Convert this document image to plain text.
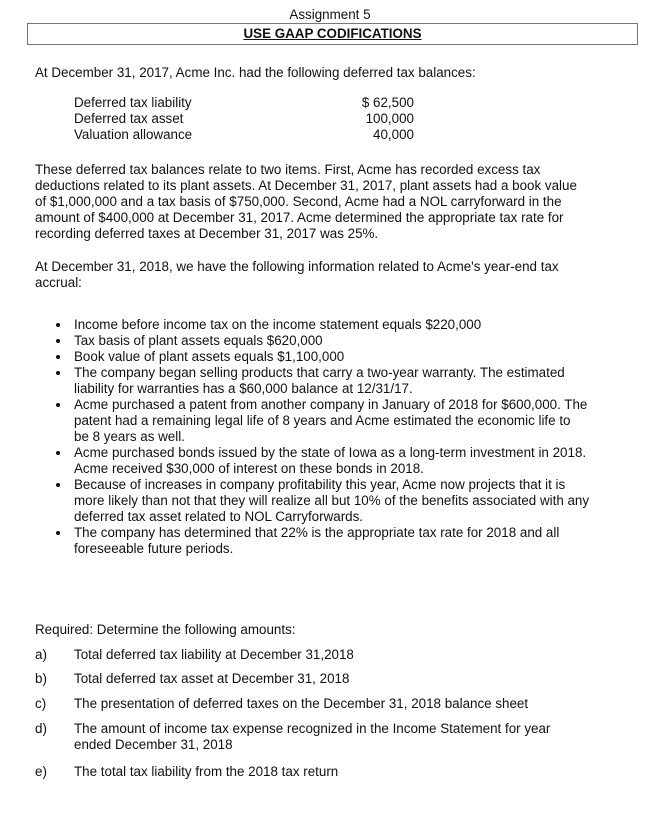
Assignment 5
USE GAAP CODIFICATIONS
At December 31, 2017, Acme Inc. had the following deferred tax balances:
Deferred tax liability	$ 62,500
Deferred tax asset	100,000
Valuation allowance	40,000
These deferred tax balances relate to two items. First, Acme has recorded excess tax
deductions related to its plant assets. At December 31, 2017, plant assets had a book value
of $1,000,000 and a tax basis of $750,000. Second, Acme had a NOL carryforward in the
amount of $400,000 at December 31, 2017. Acme determined the appropriate tax rate for
recording deferred taxes at December 31, 2017 was 25%.
At December 31, 2018, we have the following information related to Acme's year-end tax
accrual:
Income before income tax on the income statement equals $220,000
Tax basis of plant assets equals $620,000
Book value of plant assets equals $1,100,000
The company began selling products that carry a two-year warranty. The estimated
liability for warranties has a $60,000 balance at 12/31/17.
Acme purchased a patent from another company in January of 2018 for $600,000. The
patent had a remaining legal life of 8 years and Acme estimated the economic life to
be 8 years as well.
Acme purchased bonds issued by the state of Iowa as a long-term investment in 2018.
Acme received $30,000 of interest on these bonds in 2018.
Because of increases in company profitability this year, Acme now projects that it is
more likely than not that they will realize all but 10% of the benefits associated with any
deferred tax asset related to NOL Carryforwards.
The company has determined that 22% is the appropriate tax rate for 2018 and all
foreseeable future periods.
Required: Determine the following amounts:
a) Total deferred tax liability at December 31,2018
b) Total deferred tax asset at December 31, 2018
c) The presentation of deferred taxes on the December 31, 2018 balance sheet
d) The amount of income tax expense recognized in the Income Statement for year
ended December 31, 2018
e) The total tax liability from the 2018 tax return
